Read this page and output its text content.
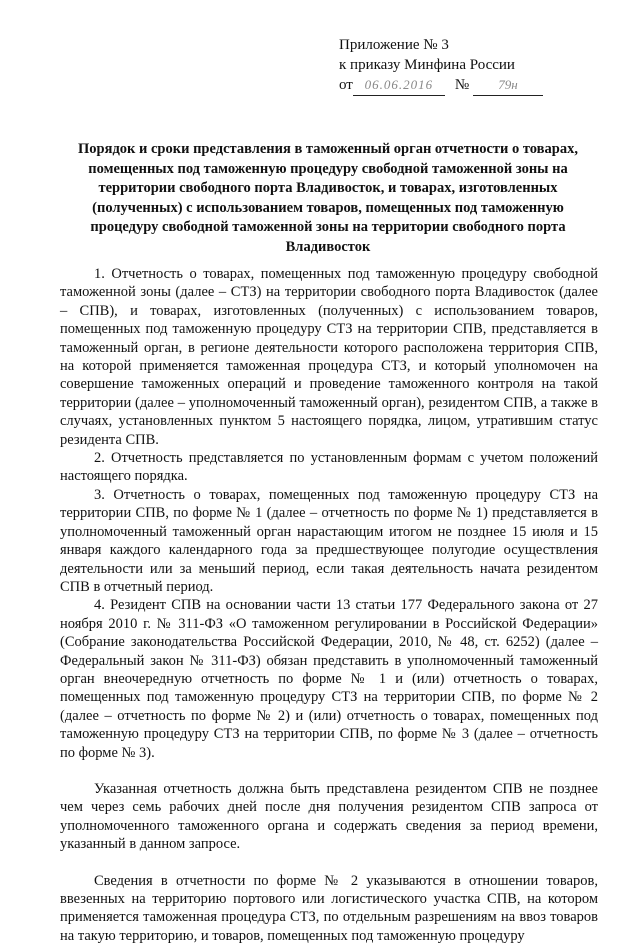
Приложение № 3
к приказу Минфина России
от 06.06.2016 № 79н
Порядок и сроки представления в таможенный орган отчетности о товарах, помещенных под таможенную процедуру свободной таможенной зоны на территории свободного порта Владивосток, и товарах, изготовленных (полученных) с использованием товаров, помещенных под таможенную процедуру свободной таможенной зоны на территории свободного порта Владивосток

1. Отчетность о товарах, помещенных под таможенную процедуру свободной таможенной зоны (далее – СТЗ) на территории свободного порта Владивосток (далее – СПВ), и товарах, изготовленных (полученных) с использованием товаров, помещенных под таможенную процедуру СТЗ на территории СПВ, представляется в таможенный орган, в регионе деятельности которого расположена территория СПВ, на которой применяется таможенная процедура СТЗ, и который уполномочен на совершение таможенных операций и проведение таможенного контроля на такой территории (далее – уполномоченный таможенный орган), резидентом СПВ, а также в случаях, установленных пунктом 5 настоящего порядка, лицом, утратившим статус резидента СПВ.

2. Отчетность представляется по установленным формам с учетом положений настоящего порядка.

3. Отчетность о товарах, помещенных под таможенную процедуру СТЗ на территории СПВ, по форме № 1 (далее – отчетность по форме № 1) представляется в уполномоченный таможенный орган нарастающим итогом не позднее 15 июля и 15 января каждого календарного года за предшествующее полугодие осуществления деятельности или за меньший период, если такая деятельность начата резидентом СПВ в отчетный период.

4. Резидент СПВ на основании части 13 статьи 177 Федерального закона от 27 ноября 2010 г. № 311-ФЗ «О таможенном регулировании в Российской Федерации» (Собрание законодательства Российской Федерации, 2010, № 48, ст. 6252) (далее – Федеральный закон № 311-ФЗ) обязан представить в уполномоченный таможенный орган внеочередную отчетность по форме № 1 и (или) отчетность о товарах, помещенных под таможенную процедуру СТЗ на территории СПВ, по форме № 2 (далее – отчетность по форме № 2) и (или) отчетность о товарах, помещенных под таможенную процедуру СТЗ на территории СПВ, по форме № 3 (далее – отчетность по форме № 3).

Указанная отчетность должна быть представлена резидентом СПВ не позднее чем через семь рабочих дней после дня получения резидентом СПВ запроса от уполномоченного таможенного органа и содержать сведения за период времени, указанный в данном запросе.

Сведения в отчетности по форме № 2 указываются в отношении товаров, ввезенных на территорию портового или логистического участка СПВ, на котором применяется таможенная процедура СТЗ, по отдельным разрешениям на ввоз товаров на такую территорию, и товаров, помещенных под таможенную процедуру
